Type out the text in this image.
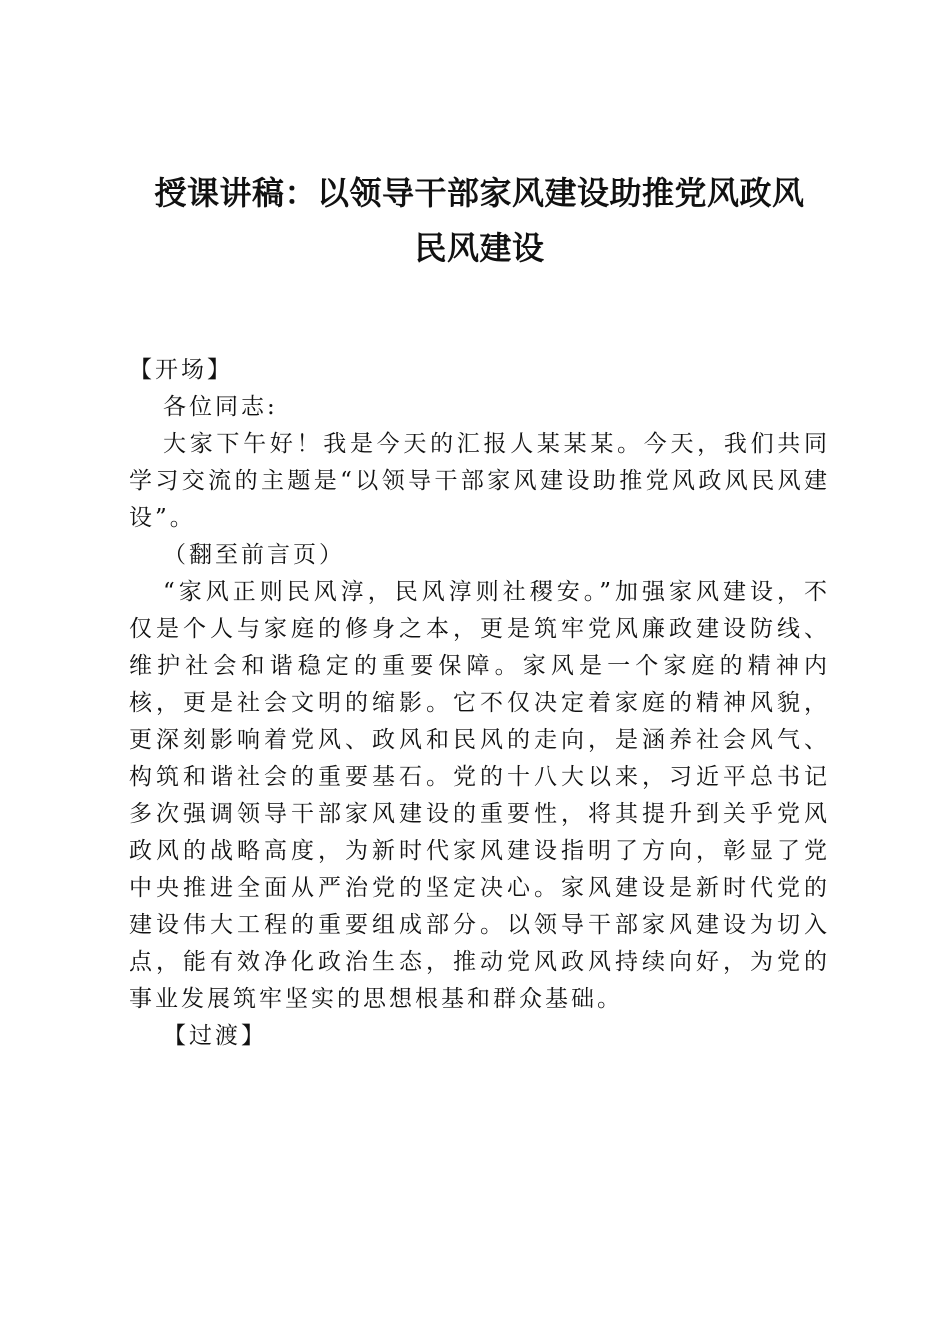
授课讲稿：以领导干部家风建设助推党风政风
民风建设

【开场】

各位同志:

大家下午好！我是今天的汇报人某某某。今天，我们共同学习交流的主题是“以领导干部家风建设助推党风政风民风建设”。

（翻至前言页）

“家风正则民风淳，民风淳则社稷安。”加强家风建设，不仅是个人与家庭的修身之本，更是筑牢党风廉政建设防线、维护社会和谐稳定的重要保障。家风是一个家庭的精神内核，更是社会文明的缩影。它不仅决定着家庭的精神风貌，更深刻影响着党风、政风和民风的走向，是涵养社会风气、构筑和谐社会的重要基石。党的十八大以来，习近平总书记多次强调领导干部家风建设的重要性，将其提升到关乎党风政风的战略高度，为新时代家风建设指明了方向，彰显了党中央推进全面从严治党的坚定决心。家风建设是新时代党的建设伟大工程的重要组成部分。以领导干部家风建设为切入点，能有效净化政治生态，推动党风政风持续向好，为党的事业发展筑牢坚实的思想根基和群众基础。

【过渡】
